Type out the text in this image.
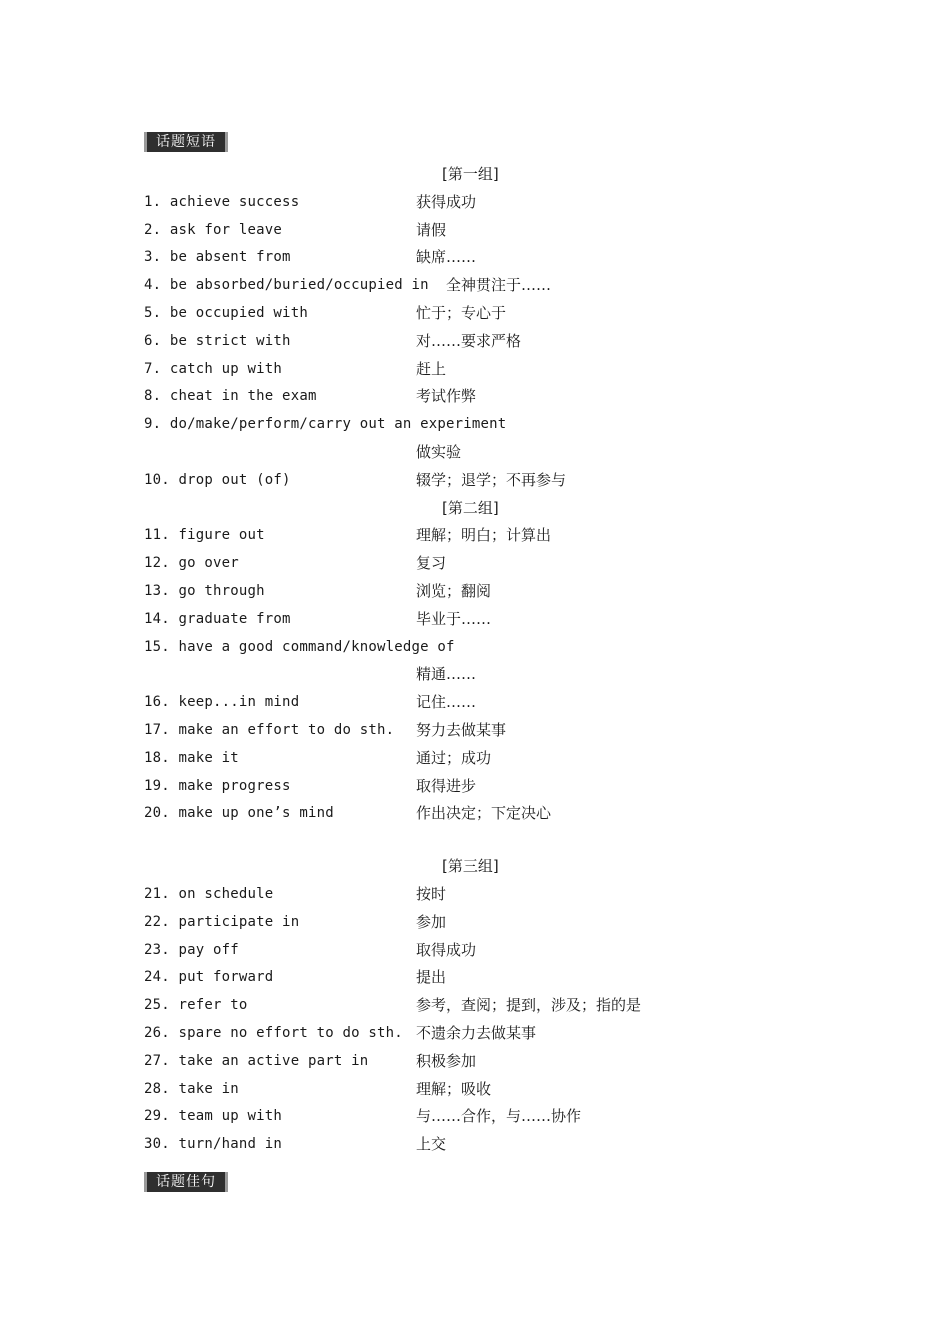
话题短语
[第一组]
1. achieve success	获得成功
2. ask for leave	请假
3. be absent from	缺席……
4. be absorbed/buried/occupied in 全神贯注于……
5. be occupied with	忙于；专心于
6. be strict with	对……要求严格
7. catch up with	赶上
8. cheat in the exam	考试作弊
9. do/make/perform/carry out an experiment
做实验
10. drop out (of)	辍学；退学；不再参与
[第二组]
11. figure out	理解；明白；计算出
12. go over	复习
13. go through	浏览；翻阅
14. graduate from	毕业于……
15. have a good command/knowledge of
精通……
16. keep...in mind	记住……
17. make an effort to do sth. 努力去做某事
18. make it	通过；成功
19. make progress	取得进步
20. make up one’s mind	作出决定；下定决心
[第三组]
21. on schedule	按时
22. participate in	参加
23. pay off	取得成功
24. put forward	提出
25. refer to	参考，查阅；提到，涉及；指的是
26. spare no effort to do sth. 不遗余力去做某事
27. take an active part in	积极参加
28. take in	理解；吸收
29. team up with	与……合作，与……协作
30. turn/hand in	上交
话题佳句
